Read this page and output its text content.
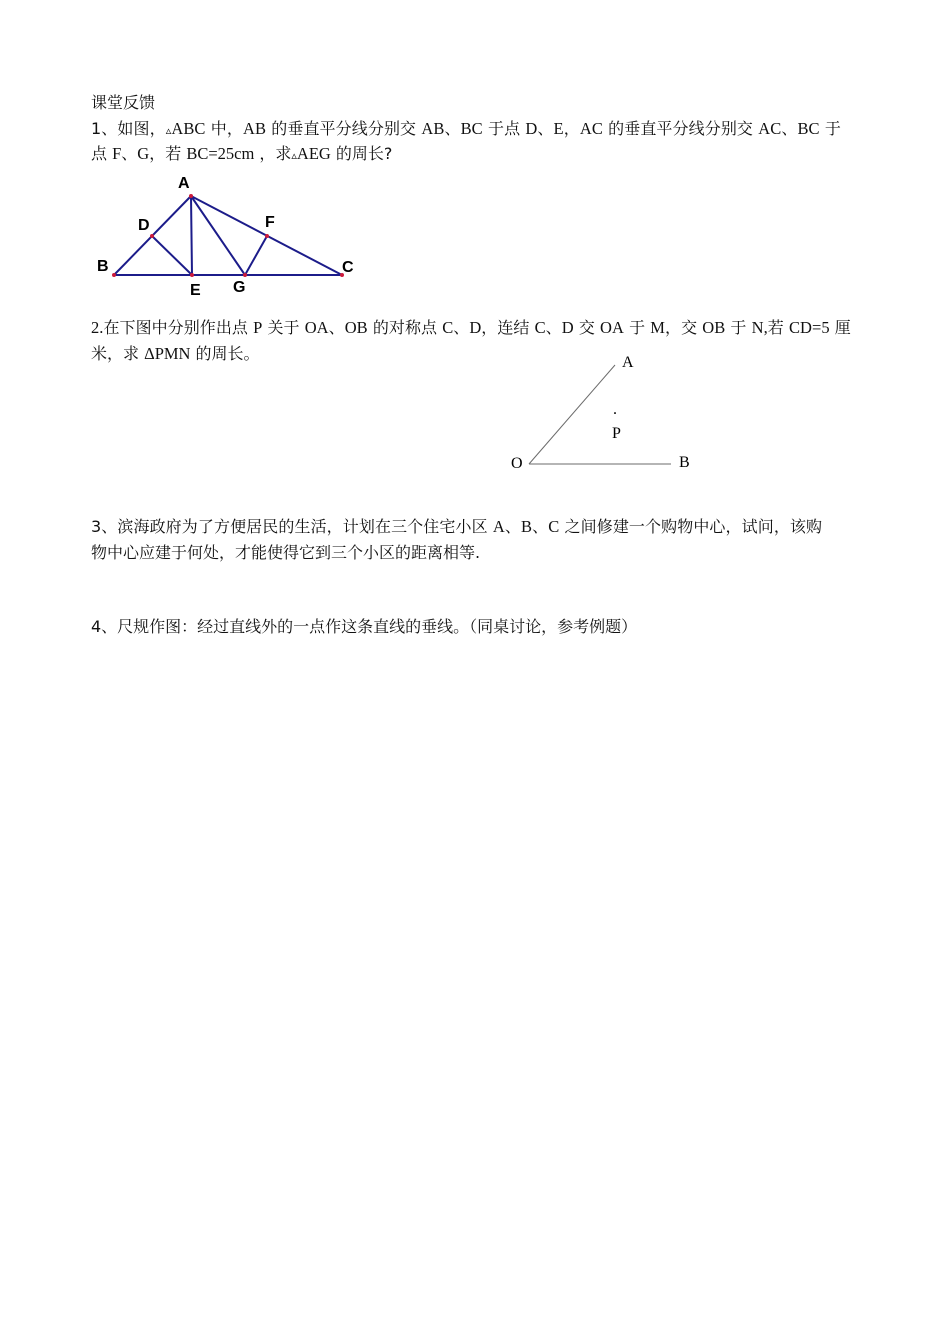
课堂反馈
1、如图，▵ABC 中，AB 的垂直平分线分别交 AB、BC 于点 D、E，AC 的垂直平分线分别交 AC、BC 于
点 F、G，若 BC=25cm ，求▵AEG 的周长?
A
D	F
B	C
E G
2.在下图中分别作出点 P 关于 OA、OB 的对称点 C、D，连结 C、D 交 OA 于 M，交 OB 于 N,若 CD=5 厘
米，求 ΔPMN 的周长。	A
.
P
O	B
3、滨海政府为了方便居民的生活，计划在三个住宅小区 A、B、C 之间修建一个购物中心，试问，该购
物中心应建于何处，才能使得它到三个小区的距离相等.
4、尺规作图：经过直线外的一点作这条直线的垂线。（同桌讨论，参考例题）
